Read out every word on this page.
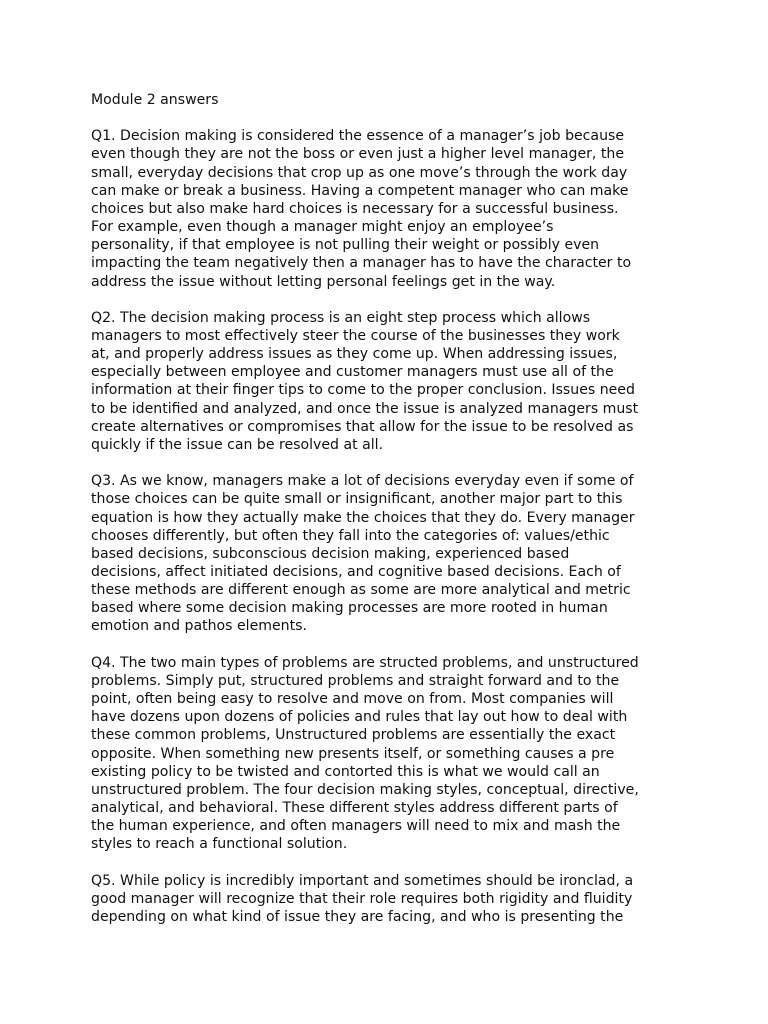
Module 2 answers
Q1. Decision making is considered the essence of a manager’s job because
even though they are not the boss or even just a higher level manager, the
small, everyday decisions that crop up as one move’s through the work day
can make or break a business. Having a competent manager who can make
choices but also make hard choices is necessary for a successful business.
For example, even though a manager might enjoy an employee’s
personality, if that employee is not pulling their weight or possibly even
impacting the team negatively then a manager has to have the character to
address the issue without letting personal feelings get in the way.
Q2. The decision making process is an eight step process which allows
managers to most effectively steer the course of the businesses they work
at, and properly address issues as they come up. When addressing issues,
especially between employee and customer managers must use all of the
information at their finger tips to come to the proper conclusion. Issues need
to be identified and analyzed, and once the issue is analyzed managers must
create alternatives or compromises that allow for the issue to be resolved as
quickly if the issue can be resolved at all.
Q3. As we know, managers make a lot of decisions everyday even if some of
those choices can be quite small or insignificant, another major part to this
equation is how they actually make the choices that they do. Every manager
chooses differently, but often they fall into the categories of: values/ethic
based decisions, subconscious decision making, experienced based
decisions, affect initiated decisions, and cognitive based decisions. Each of
these methods are different enough as some are more analytical and metric
based where some decision making processes are more rooted in human
emotion and pathos elements.
Q4. The two main types of problems are structed problems, and unstructured
problems. Simply put, structured problems and straight forward and to the
point, often being easy to resolve and move on from. Most companies will
have dozens upon dozens of policies and rules that lay out how to deal with
these common problems, Unstructured problems are essentially the exact
opposite. When something new presents itself, or something causes a pre
existing policy to be twisted and contorted this is what we would call an
unstructured problem. The four decision making styles, conceptual, directive,
analytical, and behavioral. These different styles address different parts of
the human experience, and often managers will need to mix and mash the
styles to reach a functional solution.
Q5. While policy is incredibly important and sometimes should be ironclad, a
good manager will recognize that their role requires both rigidity and fluidity
depending on what kind of issue they are facing, and who is presenting the
